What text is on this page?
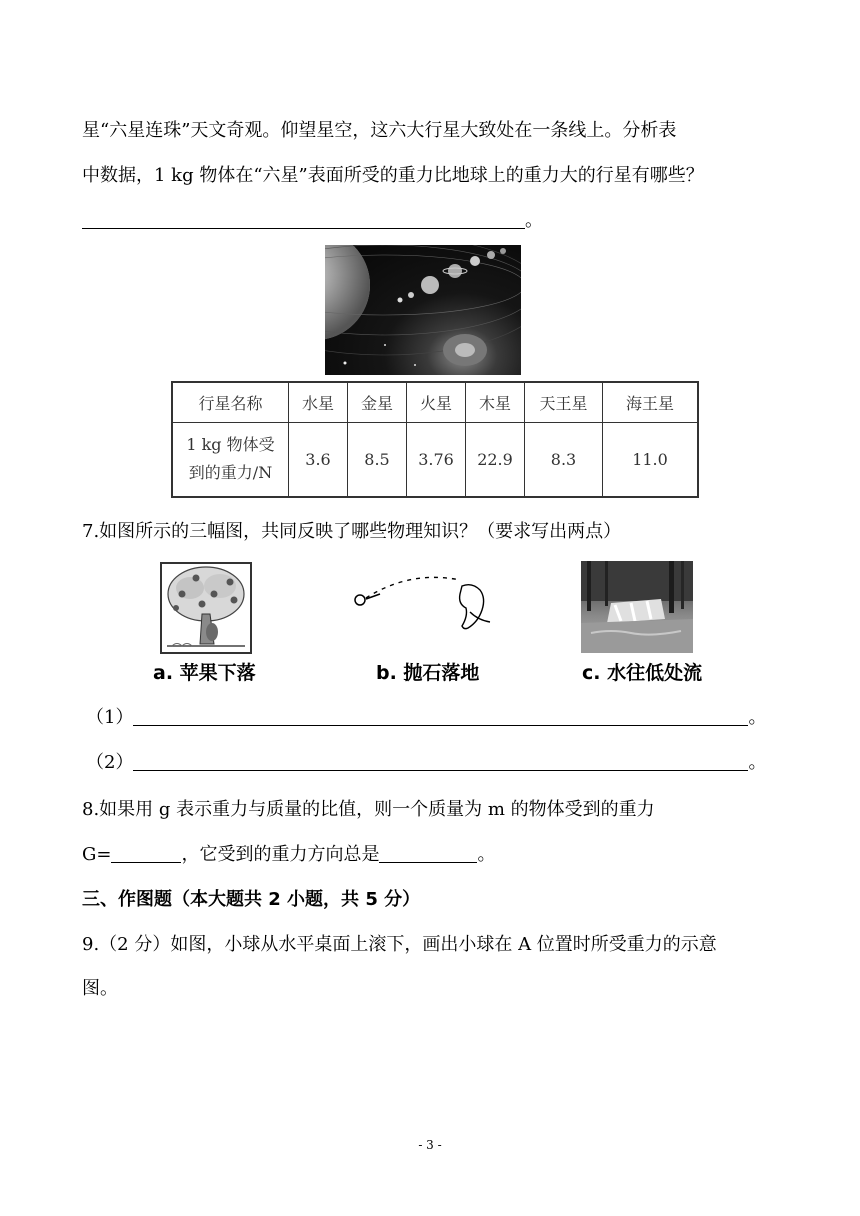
星“六星连珠”天文奇观。仰望星空，这六大行星大致处在一条线上。分析表
中数据，1 kg 物体在“六星”表面所受的重力比地球上的重力大的行星有哪些？
。
行星名称	水星	金星	火星	木星	天王星	海王星

1 kg 物体受
到的重力/N	3.6	8.5	3.76	22.9	8.3	11.0
7.如图所示的三幅图，共同反映了哪些物理知识？（要求写出两点）
a. 苹果下落	b. 抛石落地	c. 水往低处流
（1）	。
（2）	。
8.如果用 g 表示重力与质量的比值，则一个质量为 m 的物体受到的重力
G=	，它受到的重力方向总是	。
三、作图题（本大题共 2 小题，共 5 分）
9.（2 分）如图，小球从水平桌面上滚下，画出小球在 A 位置时所受重力的示意
图。
- 3 -
